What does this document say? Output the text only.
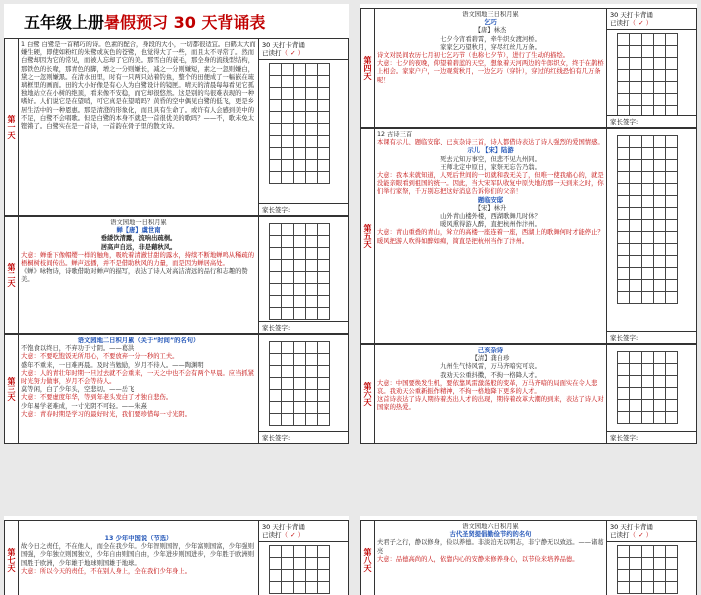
五年级上册暑假预习 30 天背诵表
第一天
1 白鹭 白鹭是一首精巧的诗。色素的配合，身段的大小，一切都很适宜。白鹤太大而嫌生硬，即使如粉红的朱鹭或灰色的苍鹭，也觉得大了一些，而且太不寻常了。然而白鹭却因为它的常见，而被人忘却了它的美。那雪白的蓑毛，那全身的流线型结构，那铁色的长喙，那青色的脚，增之一分则嫌长，减之一分则嫌短，素之一忽则嫌白，黛之一忽则嫌黑。在清水田里，时有一只两只站着钓鱼，整个的田便成了一幅嵌在琉璃框里的画面。田的大小好像是有心人为白鹭设计的镜匣。晴天的清晨每每看见它孤独地站立在小树的绝顶，看来像不安稳，而它却很悠然。这是别的鸟很难表现的一种嗜好。人们说它是在望哨，可它真是在望哨吗？黄昏的空中偶见白鹭的低飞，更是乡居生活中的一种恩惠。那是清澄的形象化，而且具有生命了。或许有人会感到美中的不足，白鹭不会唱歌。但是白鹭的本身不就是一首很优美的歌吗？——不，歌未免太铿锵了。白鹭实在是一首诗，一首韵在骨子里的散文诗。
30 天打卡背诵
已读打（ ✓ ）
家长签字:
第二天
语文园地一日积月累
蝉【唐】虞世南
垂緌饮清露，流响出疏桐。
居高声自远，非是藉秋风。
大意：蝉垂下像帽缨一样的触角，吸吮着清澈甘甜的露水，持续不断地蝉鸣从稀疏的梧桐树枝间传出。蝉声远播，并不是借助秋风的力量，而是因为蝉居高处。
《蝉》咏物诗，诗歌借助对蝉声的描写，表达了诗人对高洁清远的品行和志趣的赞美。
家长签字:
第三天
语文园地二日积月累（关于“时间”的名句）
不饱食以终日，不弃功于寸阴。——葛洪
大意：不要吃饱饭无所用心，不要放弃一分一秒的工夫。
盛年不重来，一日难再晨。及时当勉励，岁月不待人。——陶渊明
大意：人的青壮年时期一旦过去就不会重来，一天之中也不会有两个早晨。应当抓紧时光努力做事，岁月不会等待人。
莫等闲，白了少年头，空悲切。——岳飞
大意：不要虚度年华，等到年老头发白了才独自悲伤。
少年易学老难成，一寸光阴不可轻。——朱熹
大意：青春时期是学习的最好时光，我们要珍惜每一寸光阴。
家长签字:
第四天
语文园地三日积月累
乞巧
【唐】林杰
七夕今宵看碧霄，牵牛织女渡河桥。
家家乞巧望秋月，穿尽红丝几万条。
诗文对民间农历七月初七乞巧节（也称七夕节），进行了生动的描绘。
大意：七夕的夜晚，仰望着碧蓝的天空，想象着天河两边的牛郎织女，终于在鹊桥上相会。家家户户，一边观赏秋月，一边乞巧（穿针），穿过的红线恐怕有几万条呢！
30 天打卡背诵
已读打（ ✓ ）
家长签字:
第五天
12 古诗三首
本课有示儿、题临安邸、已亥杂诗三首，诗人都借诗表达了诗人强烈的爱国情感。
示儿 【宋】陆游
死去元知万事空，但悲不见九州同。
王师北定中原日，家祭无忘告乃翁。
大意：我本来就知道，人死后世间的一切就和我无关了，但唯一使我痛心的，就是没能亲眼看到祖国的统一。因此，当大宋军队收复中原失地的那一天到来之时，你们举行家祭，千万别忘把这好消息告诉你们的父亲！
题临安邸
【宋】林升
山外青山楼外楼，西湖歌舞几时休？
暖风熏得游人醉，直把杭州作汴州。
大意：青山重叠的青山，耸立的高楼一座连着一座，西湖上的歌舞何时才能停止？暖风把游人吹得如醉如痴，简直是把杭州当作了汴州。
家长签字:
第六天
己亥杂诗
【清】龚自珍
九州生气恃风雷，万马齐喑究可哀。
我劝天公重抖擞，不拘一格降人才。
大意：中国要焕发生机，要依靠风雷激荡般的变革，万马齐喑的局面实在令人悲哀。我劝天公重新振作精神，不拘一格地降下更多的人才。
这首诗表达了诗人期待着杰出人才的出现，期待着改革大潮的到来，表达了诗人对国家的热爱。
家长签字:
第七天
13 少年中国说（节选）
故今日之责任，不在他人，而全在我少年。少年智则国智，少年富则国富，少年强则国强，少年独立则国独立，少年自由则国自由，少年进步则国进步，少年胜于欧洲则国胜于欧洲，少年雄于地球则国雄于地球。
大意：所以今天的责任，不在别人身上，全在我们少年身上。
30 天打卡背诵
已读打（ ✓ ）
第八天
语文园地六日积月累
古代圣贤提倡勤俭节约的名句
夫君子之行，静以修身，俭以养德。非淡泊无以明志，非宁静无以致远。——诸葛亮
大意：品德高尚的人，依靠内心的安静来修养身心，以节俭来培养品德。
30 天打卡背诵
已读打（ ✓ ）
